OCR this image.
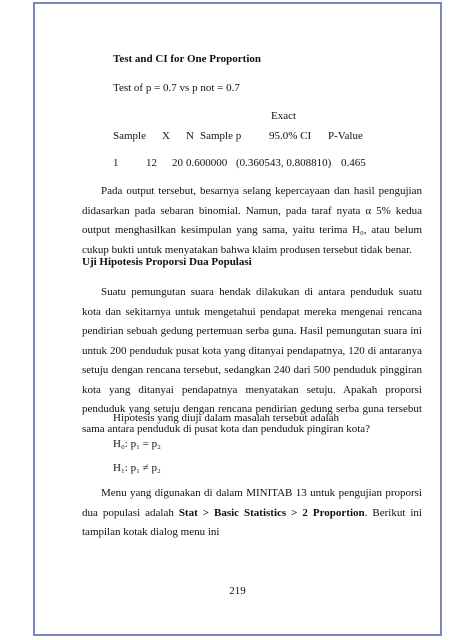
Test and CI for One Proportion
Test of p = 0.7 vs p not = 0.7
Exact
Sample X N Sample p	95.0% CI P-Value
1	12 20 0.600000 (0.360543, 0.808810) 0.465

Pada output tersebut, besarnya selang kepercayaan dan hasil pengujian didasarkan pada sebaran binomial. Namun, pada taraf nyata α 5% kedua output menghasilkan kesimpulan yang sama, yaitu terima H₀, atau belum cukup bukti untuk menyatakan bahwa klaim produsen tersebut tidak benar.

Uji Hipotesis Proporsi Dua Populasi

Suatu pemungutan suara hendak dilakukan di antara penduduk suatu kota dan sekitarnya untuk mengetahui pendapat mereka mengenai rencana pendirian sebuah gedung pertemuan serba guna. Hasil pemungutan suara ini untuk 200 penduduk pusat kota yang ditanyai pendapatnya, 120 di antaranya setuju dengan rencana tersebut, sedangkan 240 dari 500 penduduk pinggiran kota yang ditanyai pendapatnya menyatakan setuju. Apakah proporsi penduduk yang setuju dengan rencana pendirian gedung serba guna tersebut sama antara penduduk di pusat kota dan penduduk pingiran kota?

Hipotesis yang diuji dalam masalah tersebut adalah
H₀: p₁ = p₂
H₁: p₁ ≠ p₂

Menu yang digunakan di dalam MINITAB 13 untuk pengujian proporsi dua populasi adalah Stat > Basic Statistics > 2 Proportion. Berikut ini tampilan kotak dialog menu ini

219
